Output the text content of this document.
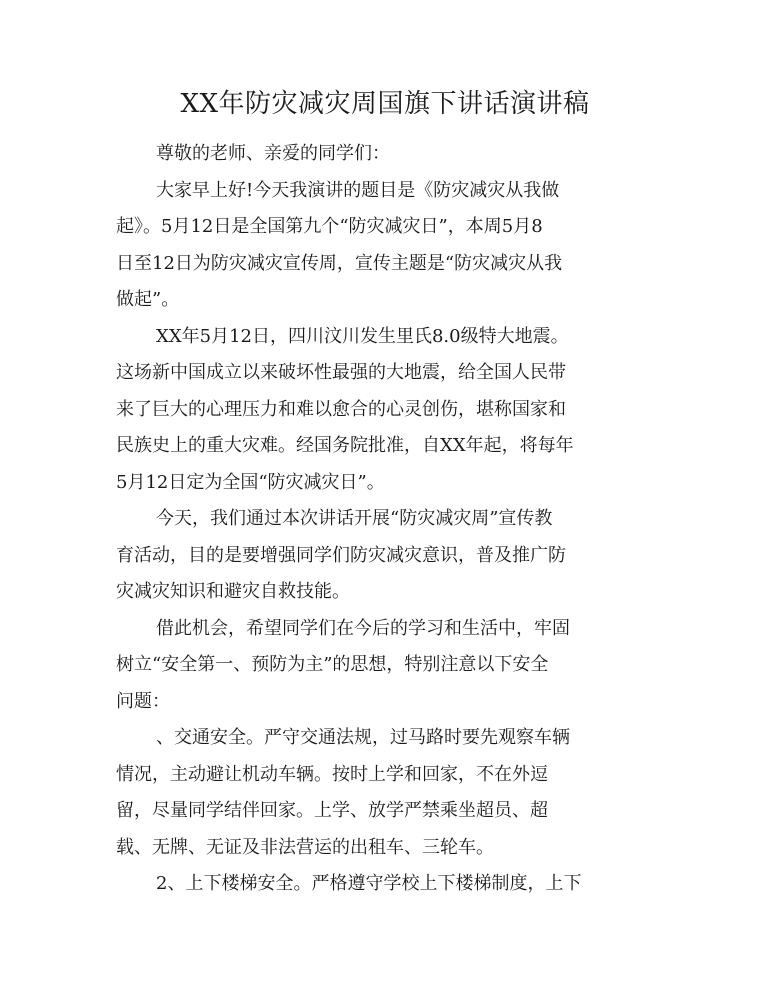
XX年防灾减灾周国旗下讲话演讲稿

尊敬的老师、亲爱的同学们：

大家早上好!今天我演讲的题目是《防灾减灾从我做
起》。5月12日是全国第九个“防灾减灾日”，本周5月8
日至12日为防灾减灾宣传周，宣传主题是“防灾减灾从我
做起”。

XX年5月12日，四川汶川发生里氏8.0级特大地震。
这场新中国成立以来破坏性最强的大地震，给全国人民带
来了巨大的心理压力和难以愈合的心灵创伤，堪称国家和
民族史上的重大灾难。经国务院批准，自XX年起，将每年
5月12日定为全国“防灾减灾日”。

今天，我们通过本次讲话开展“防灾减灾周”宣传教
育活动，目的是要增强同学们防灾减灾意识，普及推广防
灾减灾知识和避灾自救技能。

借此机会，希望同学们在今后的学习和生活中，牢固
树立“安全第一、预防为主”的思想，特别注意以下安全
问题：

、交通安全。严守交通法规，过马路时要先观察车辆
情况，主动避让机动车辆。按时上学和回家，不在外逗
留，尽量同学结伴回家。上学、放学严禁乘坐超员、超
载、无牌、无证及非法营运的出租车、三轮车。

2、上下楼梯安全。严格遵守学校上下楼梯制度，上下
